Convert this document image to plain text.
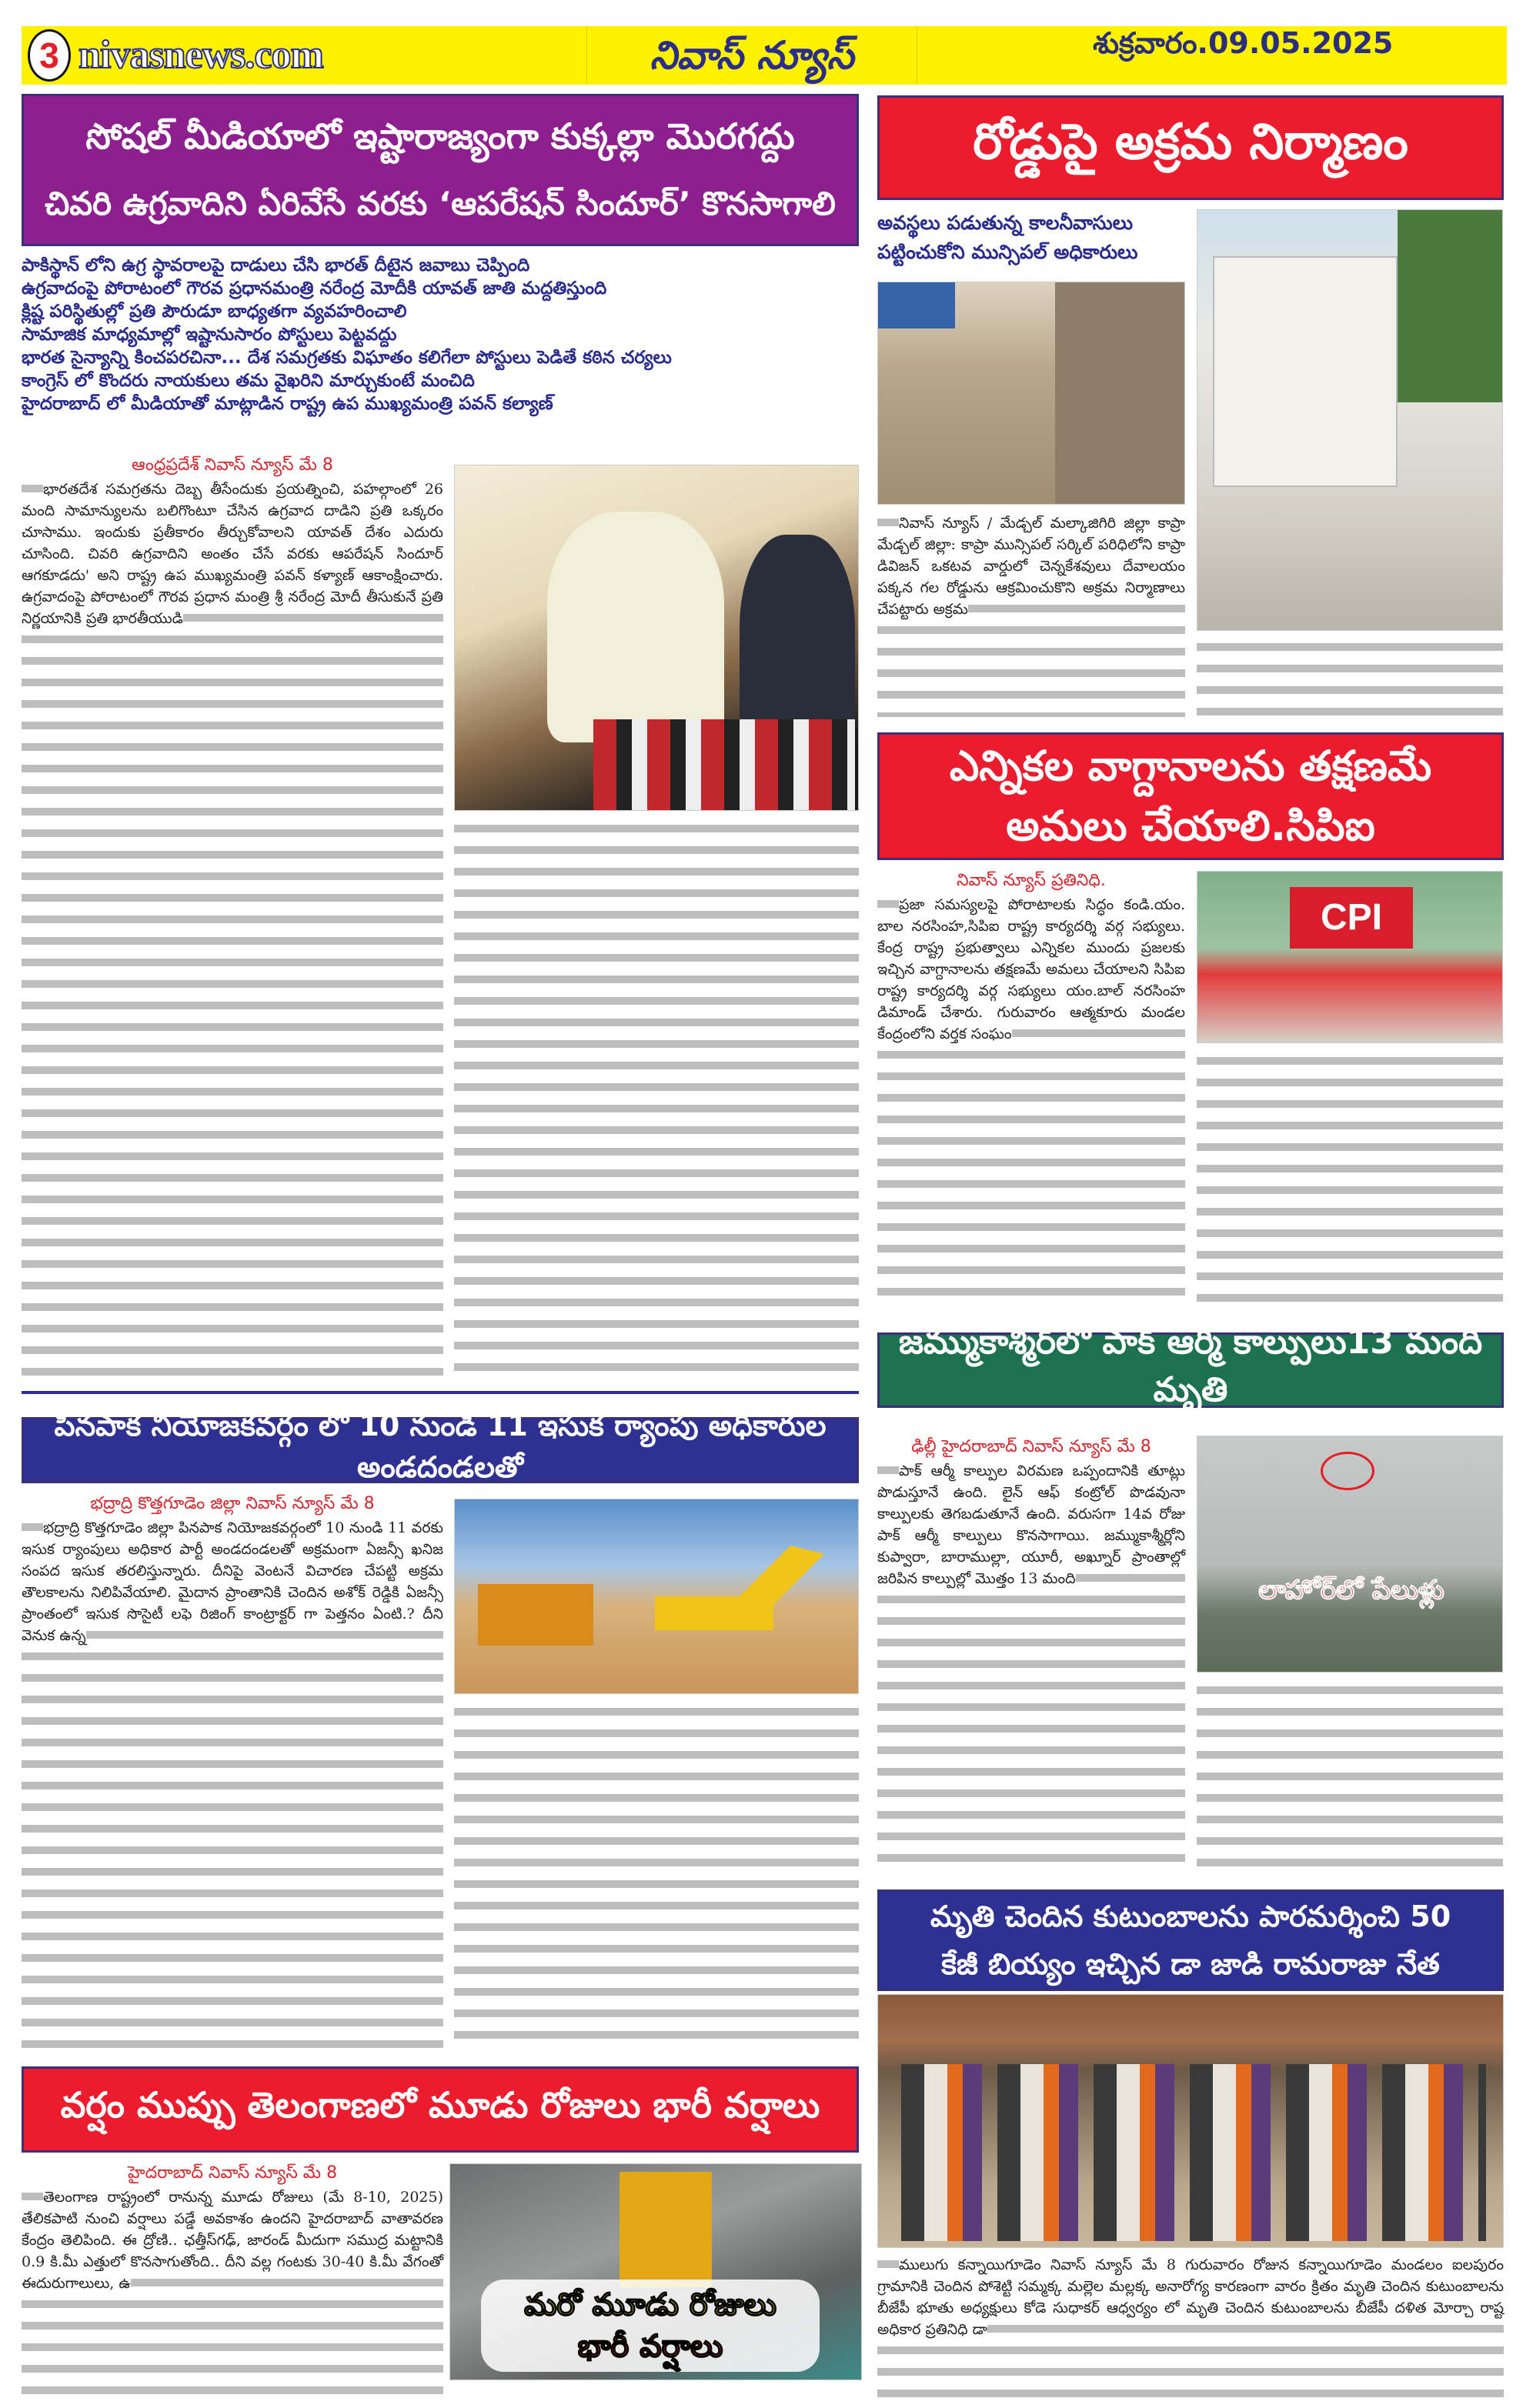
3 nivasnews.com	నివాస్ న్యూస్	శుక్రవారం.09.05.2025
సోషల్ మీడియాలో ఇష్టారాజ్యంగా కుక్కల్లా మొరగద్దు
చివరి ఉగ్రవాదిని ఏరివేసే వరకు ‘ఆపరేషన్ సిందూర్’ కొనసాగాలి
పాకిస్థాన్ లోని ఉగ్ర స్థావరాలపై దాడులు చేసి భారత్ దీటైన జవాబు చెప్పింది
ఉగ్రవాదంపై పోరాటంలో గౌరవ ప్రధానమంత్రి నరేంద్ర మోదీకి యావత్ జాతి మద్దతిస్తుంది
క్లిష్ట పరిస్థితుల్లో ప్రతి పౌరుడూ బాధ్యతగా వ్యవహరించాలి
సామాజిక మాధ్యమాల్లో ఇష్టానుసారం పోస్టులు పెట్టవద్దు
భారత సైన్యాన్ని కించపరచినా... దేశ సమగ్రతకు విఘాతం కలిగేలా పోస్టులు పెడితే కఠిన చర్యలు
కాంగ్రెస్ లో కొందరు నాయకులు తమ వైఖరిని మార్చుకుంటే మంచిది
హైదరాబాద్ లో మీడియాతో మాట్లాడిన రాష్ట్ర ఉప ముఖ్యమంత్రి పవన్ కల్యాణ్
ఆంధ్రప్రదేశ్ నివాస్ న్యూస్ మే 8
భారతదేశ సమగ్రతను దెబ్బ తీసేందుకు ప్రయత్నించి, పహల్గాంలో 26 మంది సామాన్యులను బలిగొంటూ చేసిన ఉగ్రవాద దాడిని ప్రతి ఒక్కరం చూసాము. ఇందుకు ప్రతీకారం తీర్చుకోవాలని యావత్ దేశం ఎదురు చూసింది. చివరి ఉగ్రవాదిని అంతం చేసే వరకు ఆపరేషన్ సిందూర్ ఆగకూడదు' అని రాష్ట్ర ఉప ముఖ్యమంత్రి పవన్ కళ్యాణ్ ఆకాంక్షించారు. ఉగ్రవాదంపై పోరాటంలో గౌరవ ప్రధాన మంత్రి శ్రీ నరేంద్ర మోదీ తీసుకునే ప్రతి నిర్ణయానికి ప్రతి భారతీయుడి
పినపాక నియోజకవర్గం లో 10 నుండి 11 ఇసుక ర్యాంపు అధికారుల అండదండలతో
భద్రాద్రి కొత్తగూడెం జిల్లా నివాస్ న్యూస్ మే 8
భద్రాద్రి కొత్తగూడెం జిల్లా పినపాక నియోజకవర్గంలో 10 నుండి 11 వరకు ఇసుక ర్యాంపులు అధికార పార్టీ అండదండలతో అక్రమంగా ఏజన్సీ ఖనిజ సంపద ఇసుక తరలిస్తున్నారు. దీనిపై వెంటనే విచారణ చేపట్టి అక్రమ తౌలకాలను నిలిపివేయాలి. మైదాన ప్రాంతానికి చెందిన అశోక్ రెడ్డికి ఏజన్సీ ప్రాంతంలో ఇసుక సొసైటీ లఫె రిజింగ్ కాంట్రాక్టర్ గా పెత్తనం ఏంటి.? దీని వెనుక ఉన్న
వర్షం ముప్పు తెలంగాణలో మూడు రోజులు భారీ వర్షాలు
హైదరాబాద్ నివాస్ న్యూస్ మే 8
తెలంగాణ రాష్ట్రంలో రానున్న మూడు రోజులు (మే 8-10, 2025) తేలికపాటి నుంచి వర్షాలు పడ్డే అవకాశం ఉందని హైదరాబాద్ వాతావరణ కేంద్రం తెలిపింది. ఈ ద్రోణి.. ఛత్తీస్‌గఢ్, జారండ్ మీదుగా సముద్ర మట్టానికి 0.9 కి.మీ ఎత్తులో కొనసాగుతోంది.. దీని వల్ల గంటకు 30-40 కి.మీ వేగంతో ఈదురుగాలులు, ఉ
మరో మూడు రోజులు
భారీ వర్షాలు
రోడ్డుపై అక్రమ నిర్మాణం
అవస్థలు పడుతున్న కాలనీవాసులు
పట్టించుకోని మున్సిపల్ అధికారులు
నివాస్ న్యూస్ / మేడ్చల్ మల్కాజిగిరి జిల్లా కాప్రా మేడ్చల్ జిల్లా: కాప్రా మున్సిపల్ సర్కిల్ పరిధిలోని కాప్రా డివిజన్ ఒకటవ వార్డులో చెన్నకేశవులు దేవాలయం పక్కన గల రోడ్డును ఆక్రమించుకొని అక్రమ నిర్మాణాలు చేపట్టారు అక్రమ
ఎన్నికల వాగ్దానాలను తక్షణమే
అమలు చేయాలి.సిపిఐ
నివాస్ న్యూస్ ప్రతినిధి.
ప్రజా సమస్యలపై పోరాటాలకు సిద్ధం కండి.యం. బాల నరసింహ,సిపిఐ రాష్ట్ర కార్యదర్శి వర్గ సభ్యులు. కేంద్ర రాష్ట్ర ప్రభుత్వాలు ఎన్నికల ముందు ప్రజలకు ఇచ్చిన వాగ్దానాలను తక్షణమే అమలు చేయాలని సిపిఐ రాష్ట్ర కార్యదర్శి వర్గ సభ్యులు యం.బాల్ నరసింహ డిమాండ్ చేశారు. గురువారం ఆత్మకూరు మండల కేంద్రంలోని వర్తక సంఘం
CPI
జమ్ముకాశ్మీర్‌లో పాక్ ఆర్మీ కాల్పులు13 మంది మృతి
ఢిల్లీ హైదరాబాద్ నివాస్ న్యూస్ మే 8
పాక్ ఆర్మీ కాల్పుల విరమణ ఒప్పందానికి తూట్లు పొడుస్తూనే ఉంది. లైన్ ఆఫ్ కంట్రోల్ పొడవునా కాల్పులకు తెగబడుతూనే ఉంది. వరుసగా 14వ రోజు పాక్ ఆర్మీ కాల్పులు కొనసాగాయి. జమ్ముకాశ్మీర్లోని కుప్వారా, బారాముల్లా, యూరీ, అఖ్నూర్ ప్రాంతాల్లో జరిపిన కాల్పుల్లో మొత్తం 13 మంది	లాహోర్‌లో పేలుళ్లు
మృతి చెందిన కుటుంబాలను పారమర్శించి 50
కేజీ బియ్యం ఇచ్చిన డా జాడి రామరాజు నేత
ములుగు కన్నాయిగూడెం నివాస్ న్యూస్ మే 8 గురువారం రోజున కన్నాయిగూడెం మండలం ఐలపురం గ్రామానికి చెందిన పోశెట్టి సమ్మక్క మల్లెల మల్లక్క అనారోగ్య కారణంగా వారం క్రితం మృతి చెందిన కుటుంబాలను బీజేపీ భూతు అధ్యక్షులు కోడె సుధాకర్ ఆధ్వర్యం లో మృతి చెందిన కుటుంబాలను బీజేపీ దళిత మోర్చా రాష్ట అధికార ప్రతినిధి డా
